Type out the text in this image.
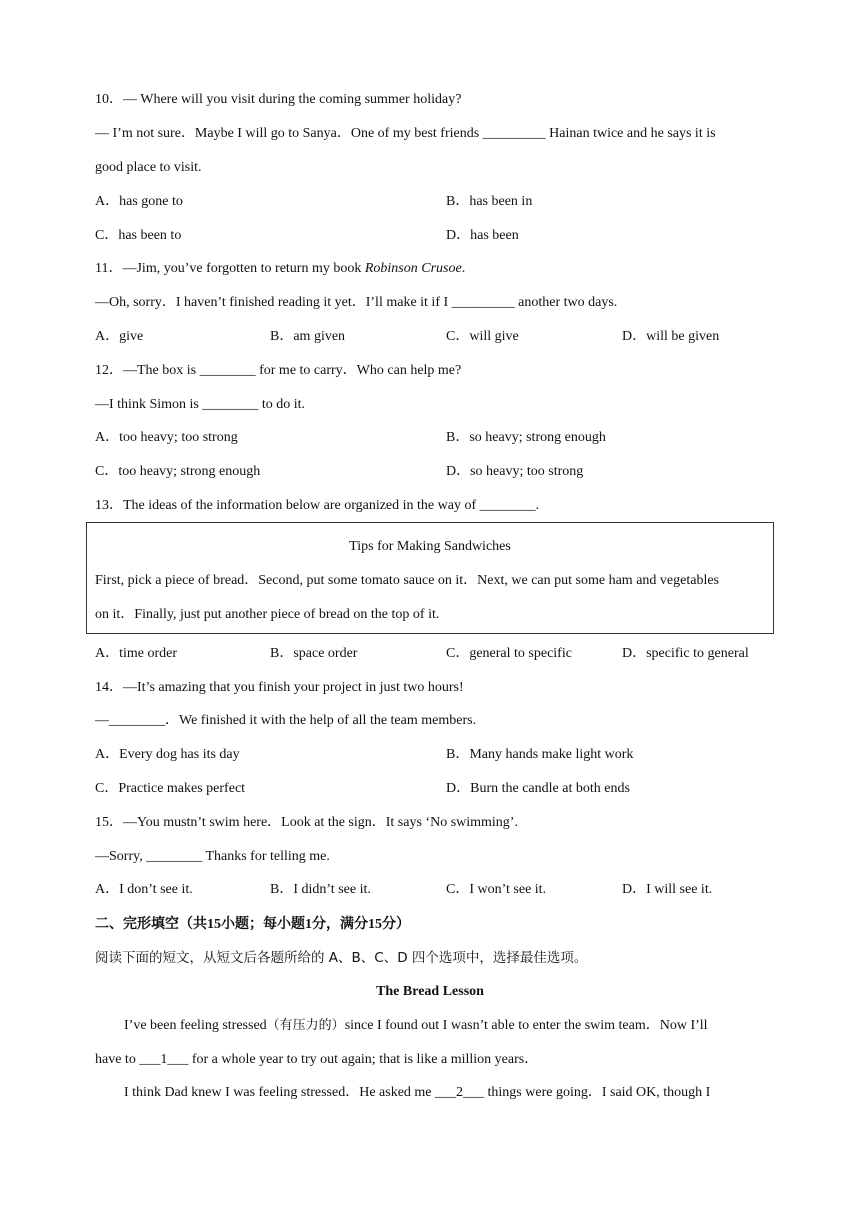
10．— Where will you visit during the coming summer holiday?
— I’m not sure．Maybe I will go to Sanya．One of my best friends _________ Hainan twice and he says it is
good place to visit.
A．has gone to	B．has been in
C．has been to	D．has been
11．—Jim, you’ve forgotten to return my book Robinson Crusoe.
—Oh, sorry．I haven’t finished reading it yet．I’ll make it if I _________ another two days.
A．give	B．am given	C．will give	D．will be given
12．—The box is ________ for me to carry．Who can help me?
—I think Simon is ________ to do it.
A．too heavy; too strong	B．so heavy; strong enough
C．too heavy; strong enough	D．so heavy; too strong
13．The ideas of the information below are organized in the way of ________.
Tips for Making Sandwiches
First, pick a piece of bread．Second, put some tomato sauce on it．Next, we can put some ham and vegetables
on it．Finally, just put another piece of bread on the top of it.
A．time order	B．space order	C．general to specific	D．specific to general
14．—It’s amazing that you finish your project in just two hours!
—________．We finished it with the help of all the team members.
A．Every dog has its day	B．Many hands make light work
C．Practice makes perfect	D．Burn the candle at both ends
15．—You mustn’t swim here．Look at the sign．It says ‘No swimming’.
—Sorry, ________ Thanks for telling me.
A．I don’t see it.	B．I didn’t see it.	C．I won’t see it.	D．I will see it.
二、完形填空（共15小题；每小题1分，满分15分）
阅读下面的短文，从短文后各题所给的 A、B、C、D 四个选项中，选择最佳选项。
The Bread Lesson
I’ve been feeling stressed（有压力的）since I found out I wasn’t able to enter the swim team．Now I’ll
have to ___1___ for a whole year to try out again; that is like a million years．
I think Dad knew I was feeling stressed．He asked me ___2___ things were going．I said OK, though I
